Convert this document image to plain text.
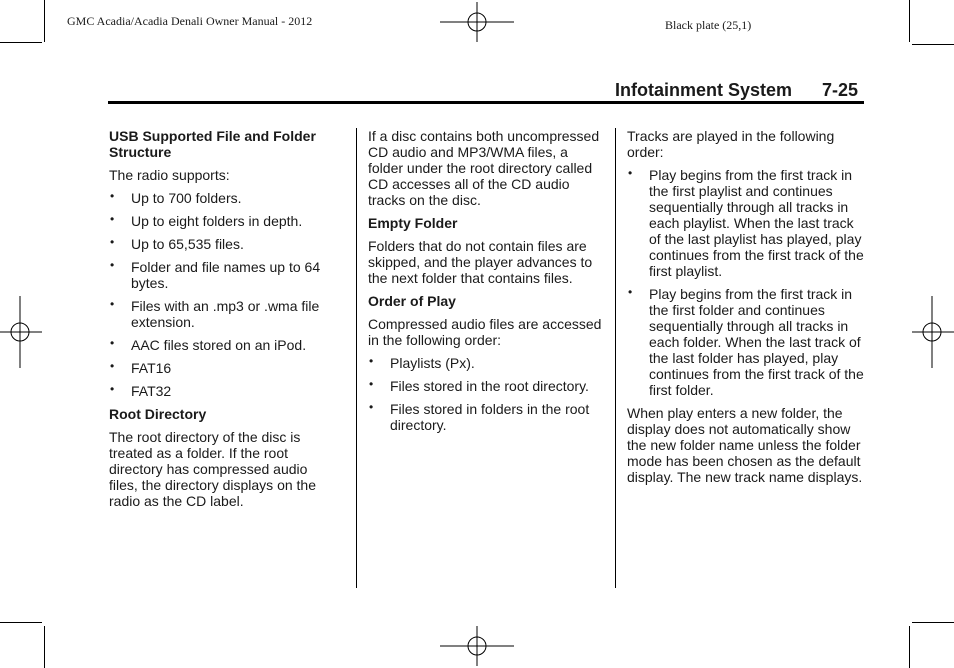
GMC Acadia/Acadia Denali Owner Manual - 2012	Black plate (25,1)
Infotainment System 7-25
USB Supported File and Folder Structure

The radio supports:

• Up to 700 folders.
• Up to eight folders in depth.
• Up to 65,535 files.
• Folder and file names up to 64 bytes.
• Files with an .mp3 or .wma file extension.
• AAC files stored on an iPod.
• FAT16
• FAT32
Root Directory

The root directory of the disc is treated as a folder. If the root directory has compressed audio files, the directory displays on the radio as the CD label.

If a disc contains both uncompressed CD audio and MP3/WMA files, a folder under the root directory called CD accesses all of the CD audio tracks on the disc.

Empty Folder

Folders that do not contain files are skipped, and the player advances to the next folder that contains files.

Order of Play

Compressed audio files are accessed in the following order:

• Playlists (Px).
• Files stored in the root directory.
• Files stored in folders in the root directory.

Tracks are played in the following order:

• Play begins from the first track in the first playlist and continues sequentially through all tracks in each playlist. When the last track of the last playlist has played, play continues from the first track of the first playlist.
• Play begins from the first track in the first folder and continues sequentially through all tracks in each folder. When the last track of the last folder has played, play continues from the first track of the first folder.

When play enters a new folder, the display does not automatically show the new folder name unless the folder mode has been chosen as the default display. The new track name displays.
